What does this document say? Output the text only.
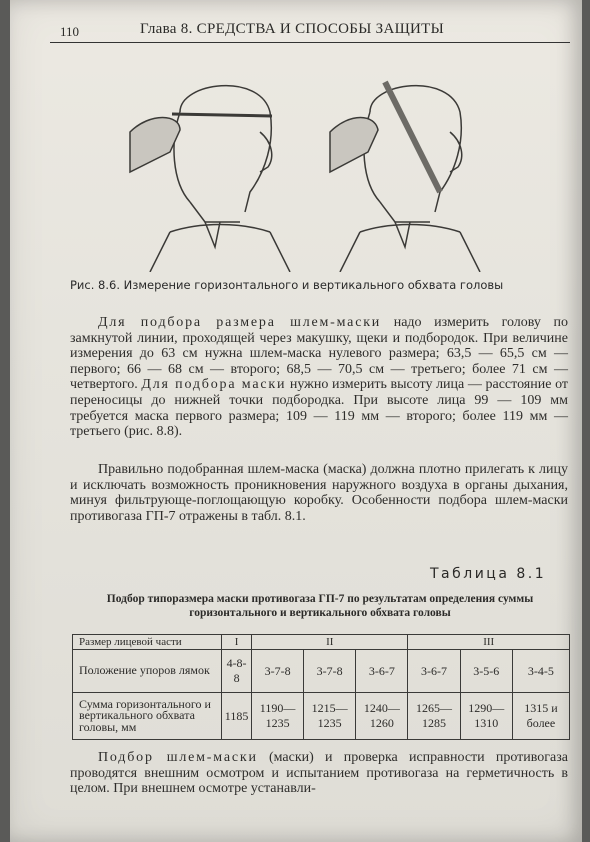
110	Глава 8. СРЕДСТВА И СПОСОБЫ ЗАЩИТЫ
Рис. 8.6. Измерение горизонтального и вертикального обхвата головы
Для подбора размера шлем-маски надо измерить голову по замкнутой линии, проходящей через макушку, щеки и подбородок. При величине измерения до 63 см нужна шлем-маска нулевого размера; 63,5 — 65,5 см — первого; 66 — 68 см — второго; 68,5 — 70,5 см — третьего; более 71 см — четвертого. Для подбора маски нужно измерить высоту лица — расстояние от переносицы до нижней точки подбородка. При высоте лица 99 — 109 мм требуется маска первого размера; 109 — 119 мм — второго; более 119 мм — третьего (рис. 8.8).
Правильно подобранная шлем-маска (маска) должна плотно прилегать к лицу и исключать возможность проникновения наружного воздуха в органы дыхания, минуя фильтрующе-поглощающую коробку. Особенности подбора шлем-маски противогаза ГП-7 отражены в табл. 8.1.
Таблица 8.1
Подбор типоразмера маски противогаза ГП-7 по результатам определения суммы горизонтального и вертикального обхвата головы
Размер лицевой части	I	II			III		
Положение упоров лямок	4-8-8	3-7-8	3-7-8	3-6-7	3-6-7	3-5-6	3-4-5
Сумма горизонтального и вертикального обхвата головы, мм	1185	1190—1235	1215—1235	1240—1260	1265—1285	1290—1310	1315 и более
Подбор шлем-маски (маски) и проверка исправности противогаза проводятся внешним осмотром и испытанием противогаза на герметичность в целом. При внешнем осмотре устанавли-
